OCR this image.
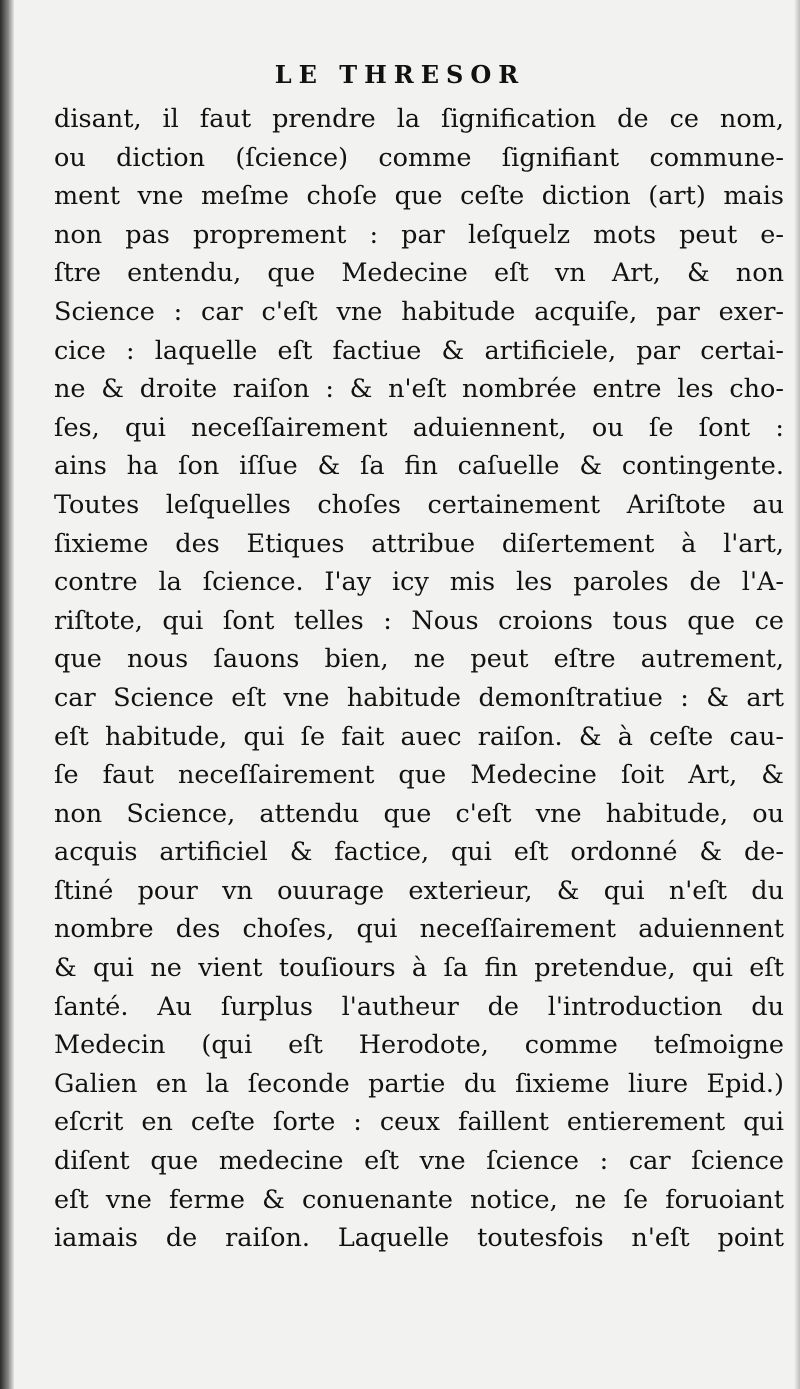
LE THRESOR
disant, il faut prendre la ſignification de ce nom,
ou diction (ſcience) comme ſignifiant commune-
ment vne meſme choſe que ceſte diction (art) mais
non pas proprement : par leſquelz mots peut e-
ſtre entendu, que Medecine eſt vn Art, & non
Science : car c'eſt vne habitude acquiſe, par exer-
cice : laquelle eſt factiue & artificiele, par certai-
ne & droite raiſon : & n'eſt nombrée entre les cho-
ſes, qui neceſſairement aduiennent, ou ſe ſont :
ains ha ſon iſſue & ſa fin caſuelle & contingente.
Toutes leſquelles choſes certainement Ariſtote au
ſixieme des Etiques attribue diſertement à l'art,
contre la ſcience. I'ay icy mis les paroles de l'A-
riſtote, qui ſont telles : Nous croions tous que ce
que nous ſauons bien, ne peut eſtre autrement,
car Science eſt vne habitude demonſtratiue : & art
eſt habitude, qui ſe fait auec raiſon. & à ceſte cau-
ſe faut neceſſairement que Medecine ſoit Art, &
non Science, attendu que c'eſt vne habitude, ou
acquis artificiel & factice, qui eſt ordonné & de-
ſtiné pour vn ouurage exterieur, & qui n'eſt du
nombre des choſes, qui neceſſairement aduiennent
& qui ne vient touſiours à ſa fin pretendue, qui eſt
ſanté. Au ſurplus l'autheur de l'introduction du
Medecin (qui eſt Herodote, comme teſmoigne
Galien en la ſeconde partie du ſixieme liure Epid.)
eſcrit en ceſte ſorte : ceux faillent entierement qui
diſent que medecine eſt vne ſcience : car ſcience
eſt vne ferme & conuenante notice, ne ſe foruoiant
iamais de raiſon. Laquelle toutesfois n'eſt point
